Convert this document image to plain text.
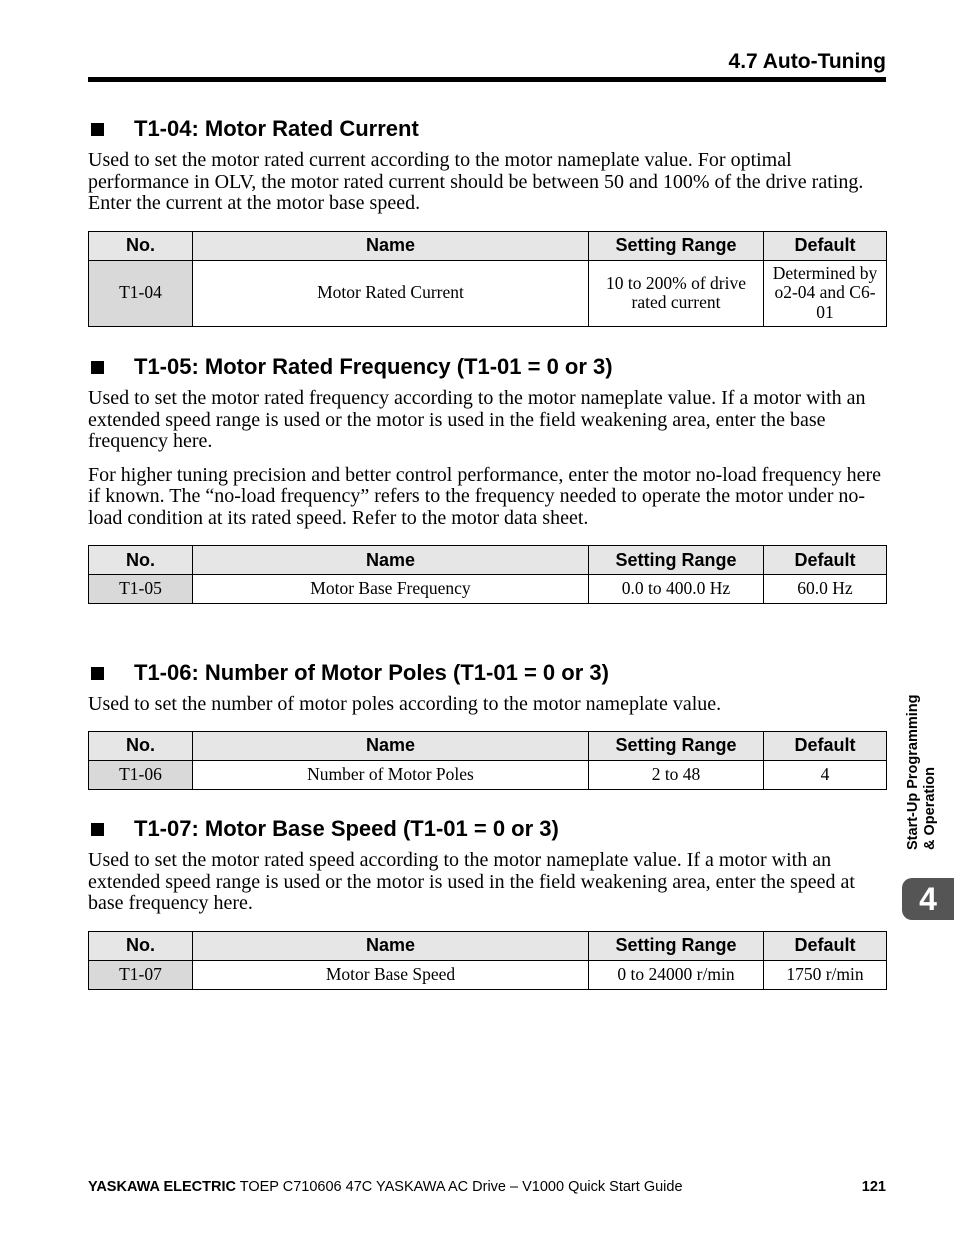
4.7 Auto-Tuning
T1-04: Motor Rated Current

Used to set the motor rated current according to the motor nameplate value. For optimal performance in OLV, the motor rated current should be between 50 and 100% of the drive rating. Enter the current at the motor base speed.

No.	Name	Setting Range	Default
T1-04	Motor Rated Current	10 to 200% of drive rated current	Determined by o2-04 and C6-01
T1-05: Motor Rated Frequency (T1-01 = 0 or 3)

Used to set the motor rated frequency according to the motor nameplate value. If a motor with an extended speed range is used or the motor is used in the field weakening area, enter the base frequency here.

For higher tuning precision and better control performance, enter the motor no-load frequency here if known. The “no-load frequency” refers to the frequency needed to operate the motor under no-load condition at its rated speed. Refer to the motor data sheet.

No.	Name	Setting Range	Default
T1-05	Motor Base Frequency	0.0 to 400.0 Hz	60.0 Hz
T1-06: Number of Motor Poles (T1-01 = 0 or 3)

Used to set the number of motor poles according to the motor nameplate value.

No.	Name	Setting Range	Default
T1-06	Number of Motor Poles	2 to 48	4
T1-07: Motor Base Speed (T1-01 = 0 or 3)

Used to set the motor rated speed according to the motor nameplate value. If a motor with an extended speed range is used or the motor is used in the field weakening area, enter the speed at base frequency here.

No.	Name	Setting Range	Default
T1-07	Motor Base Speed	0 to 24000 r/min	1750 r/min
Start-Up Programming & Operation
4
YASKAWA ELECTRIC TOEP C710606 47C YASKAWA AC Drive – V1000 Quick Start Guide	121
